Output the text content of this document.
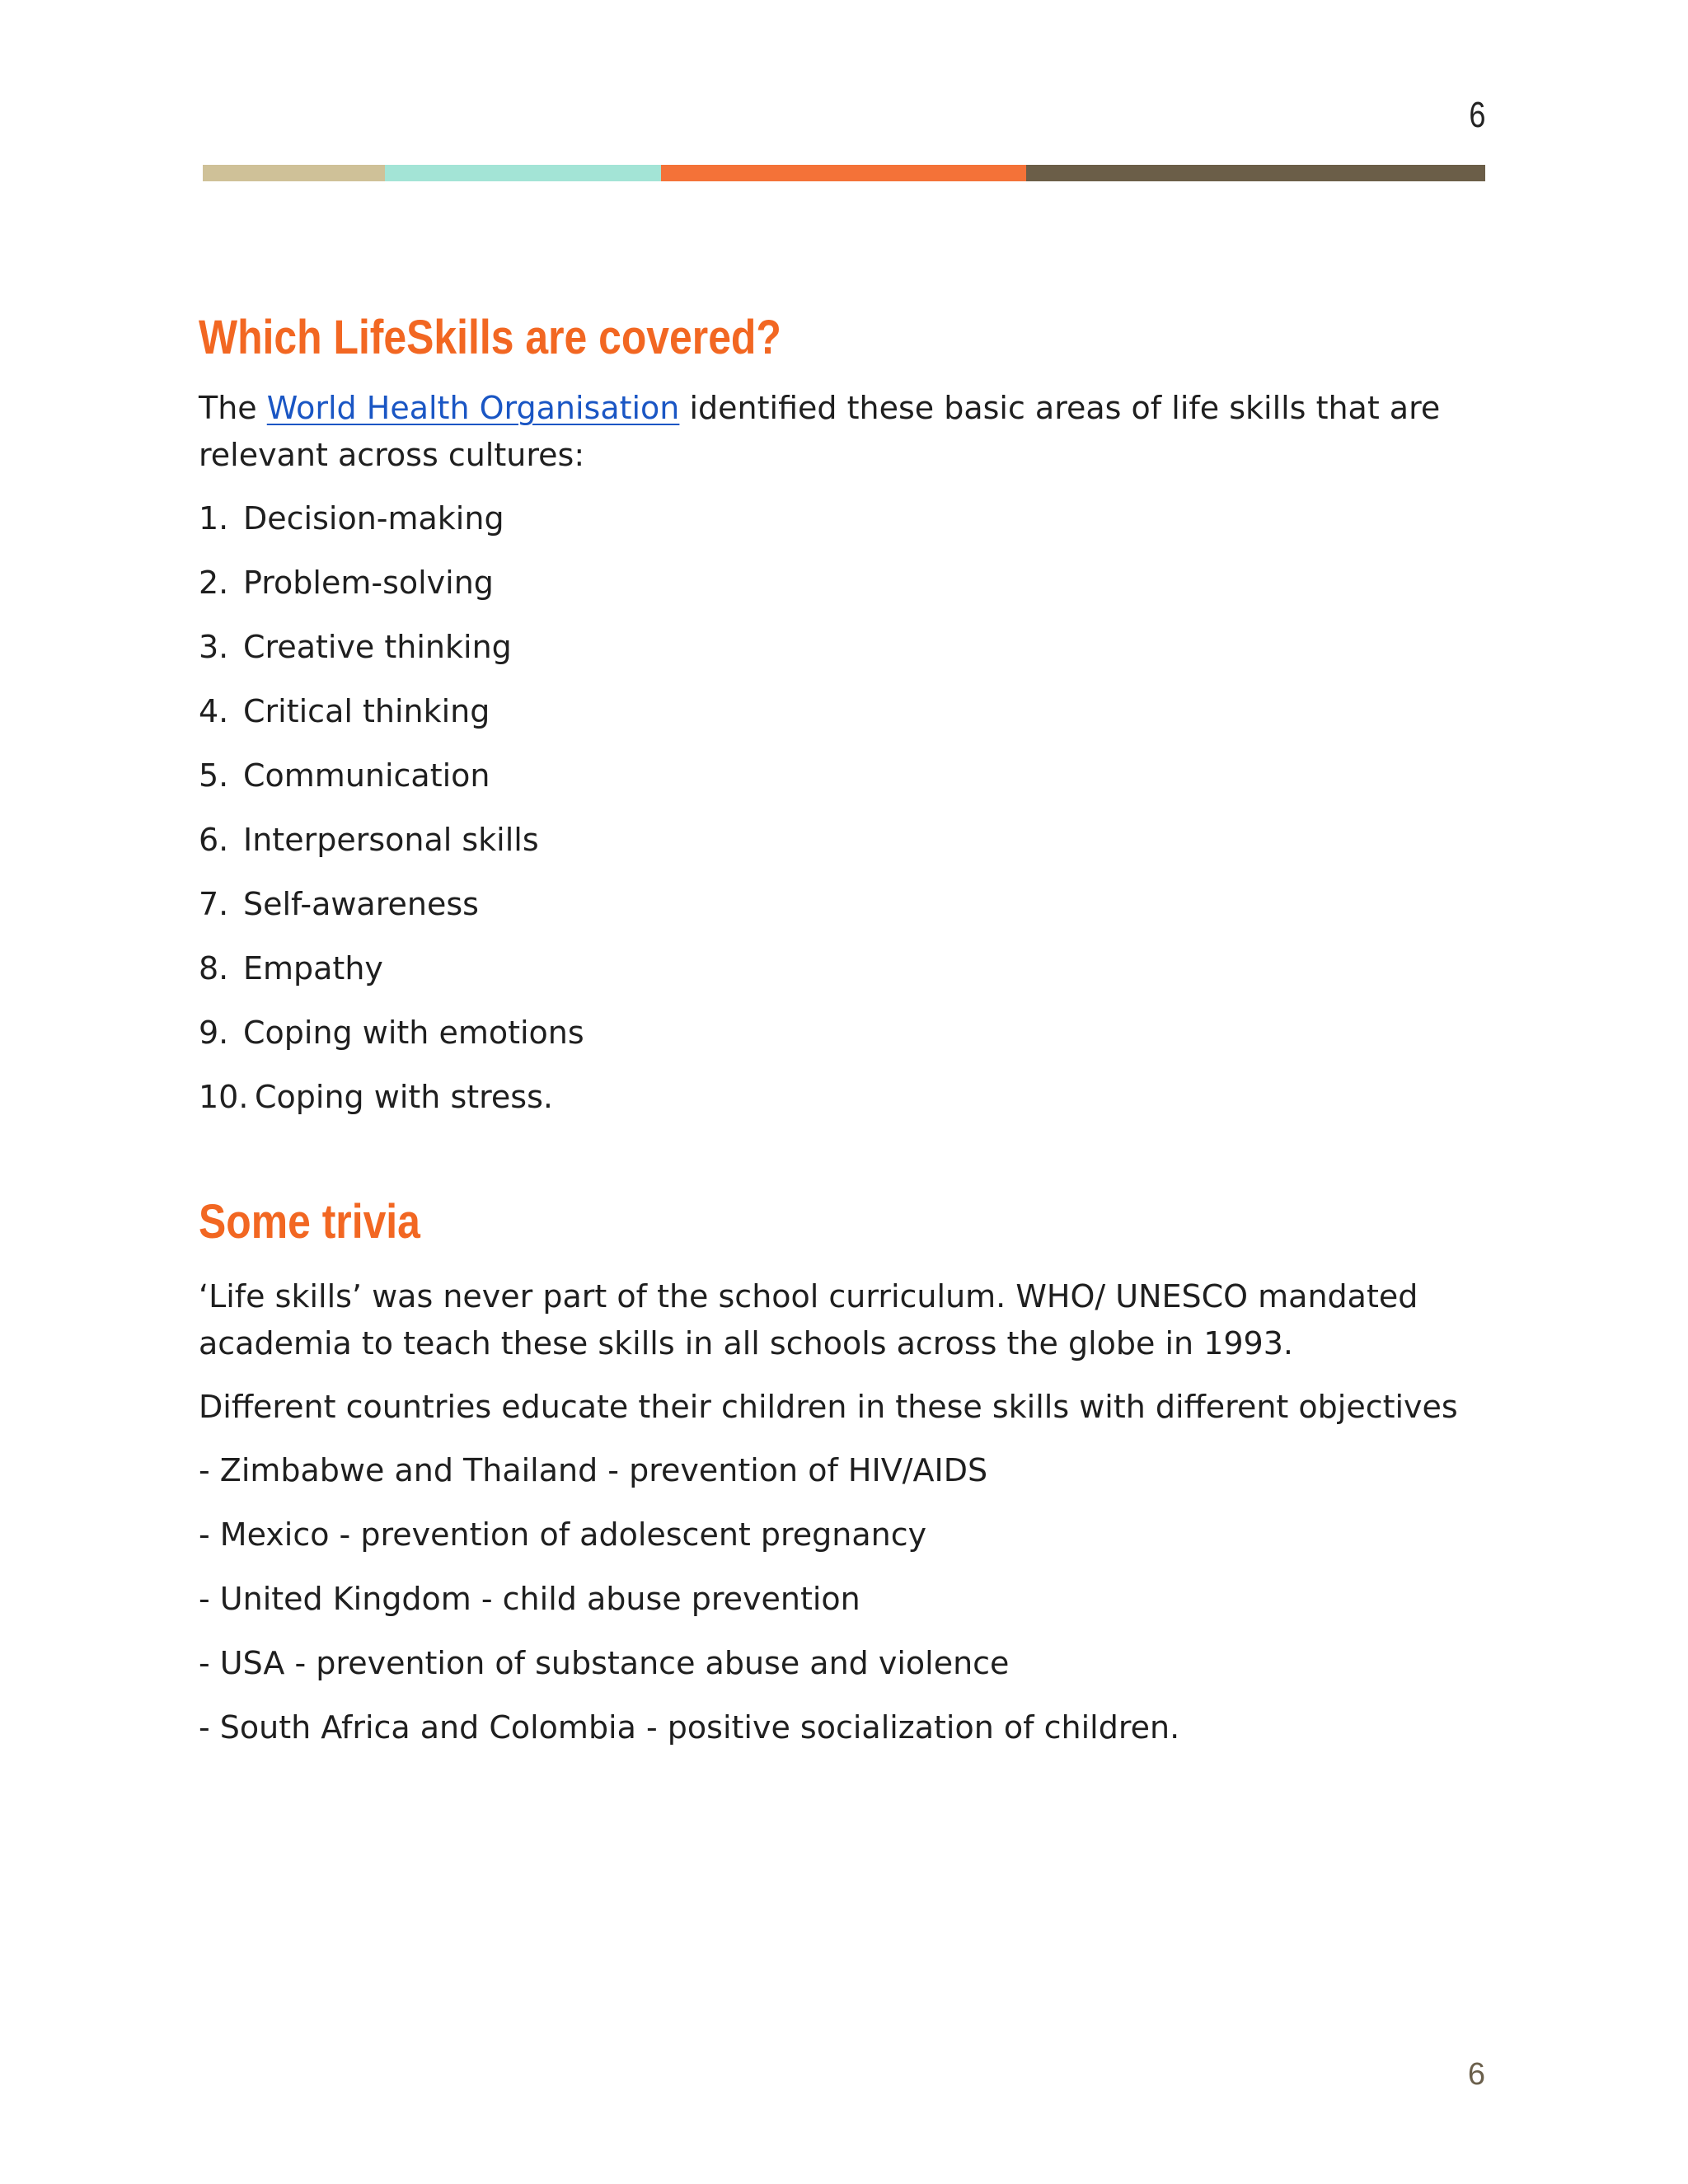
6
Which LifeSkills are covered?

The World Health Organisation identified these basic areas of life skills that are
relevant across cultures:

1. Decision-making
2. Problem-solving
3. Creative thinking
4. Critical thinking
5. Communication
6. Interpersonal skills
7. Self-awareness
8. Empathy
9. Coping with emotions
10. Coping with stress.
Some trivia

‘Life skills’ was never part of the school curriculum. WHO/ UNESCO mandated
academia to teach these skills in all schools across the globe in 1993.

Different countries educate their children in these skills with different objectives

- Zimbabwe and Thailand - prevention of HIV/AIDS
- Mexico - prevention of adolescent pregnancy
- United Kingdom - child abuse prevention
- USA - prevention of substance abuse and violence
- South Africa and Colombia - positive socialization of children.
6
